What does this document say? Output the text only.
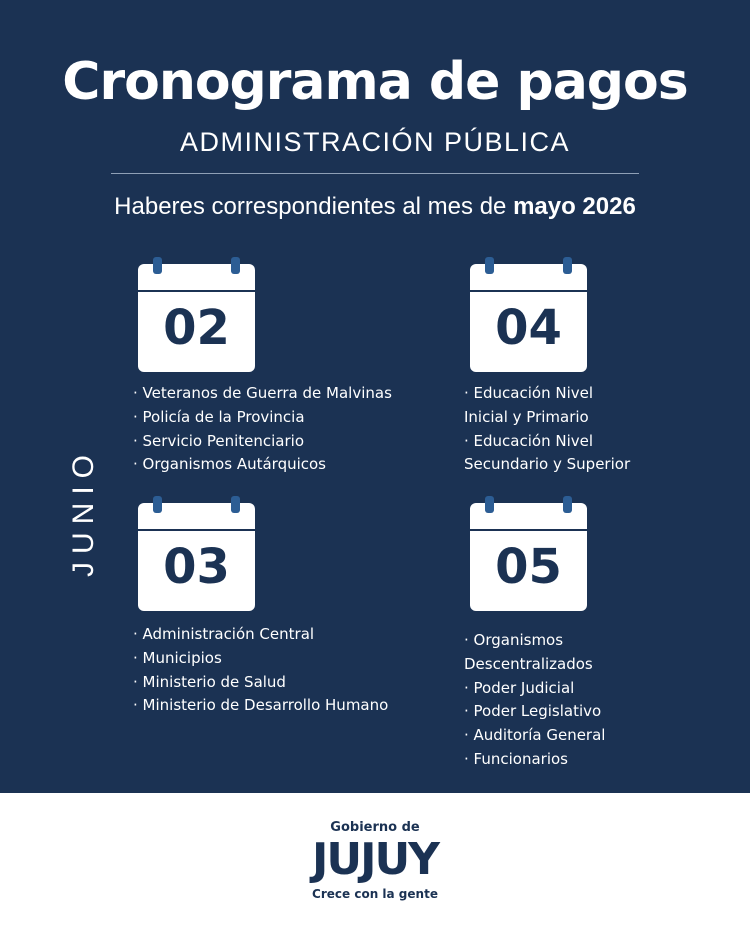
Cronograma de pagos
ADMINISTRACIÓN PÚBLICA
Haberes correspondientes al mes de mayo 2026
JUNIO
02
· Veteranos de Guerra de Malvinas
· Policía de la Provincia
· Servicio Penitenciario
· Organismos Autárquicos
04
· Educación Nivel
Inicial y Primario
· Educación Nivel
Secundario y Superior
03
· Administración Central
· Municipios
· Ministerio de Salud
· Ministerio de Desarrollo Humano
05
· Organismos
Descentralizados
· Poder Judicial
· Poder Legislativo
· Auditoría General
· Funcionarios
Gobierno de
JUJUY
Crece con la gente
